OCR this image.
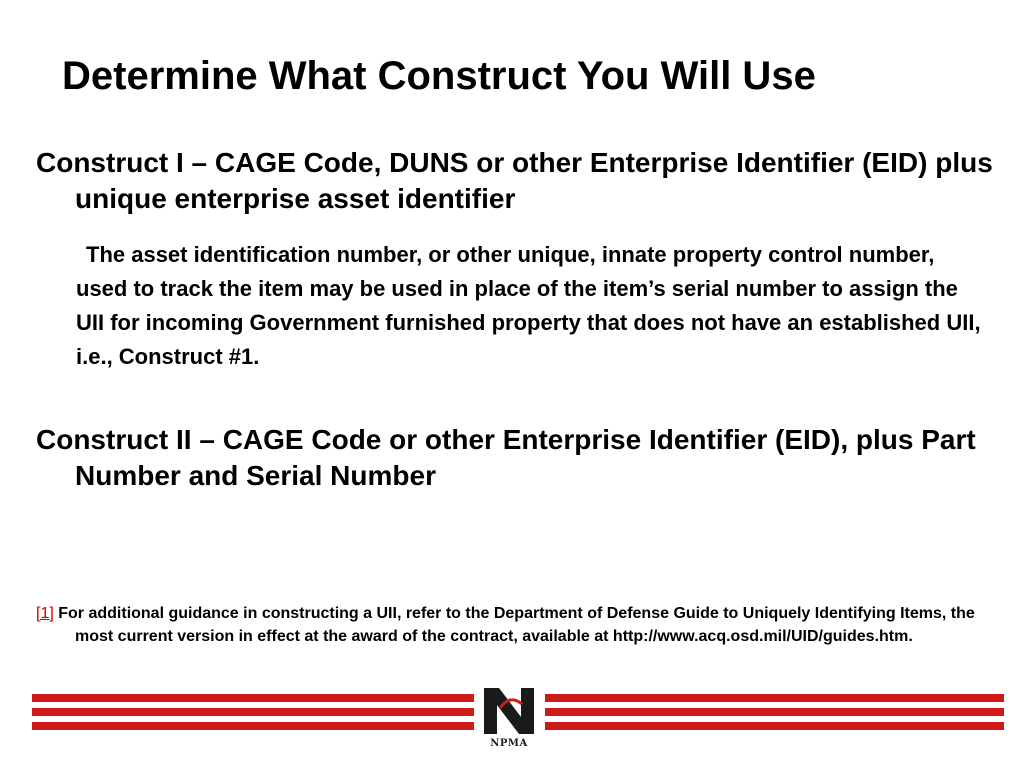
Determine What Construct You Will Use

Construct I – CAGE Code, DUNS or other Enterprise Identifier (EID) plus unique enterprise asset identifier

The asset identification number, or other unique, innate property control number, used to track the item may be used in place of the item’s serial number to assign the UII for incoming Government furnished property that does not have an established UII, i.e., Construct #1.

Construct II – CAGE Code or other Enterprise Identifier (EID), plus Part Number and Serial Number

[1] For additional guidance in constructing a UII, refer to the Department of Defense Guide to Uniquely Identifying Items, the most current version in effect at the award of the contract, available at http://www.acq.osd.mil/UID/guides.htm.

NPMA
